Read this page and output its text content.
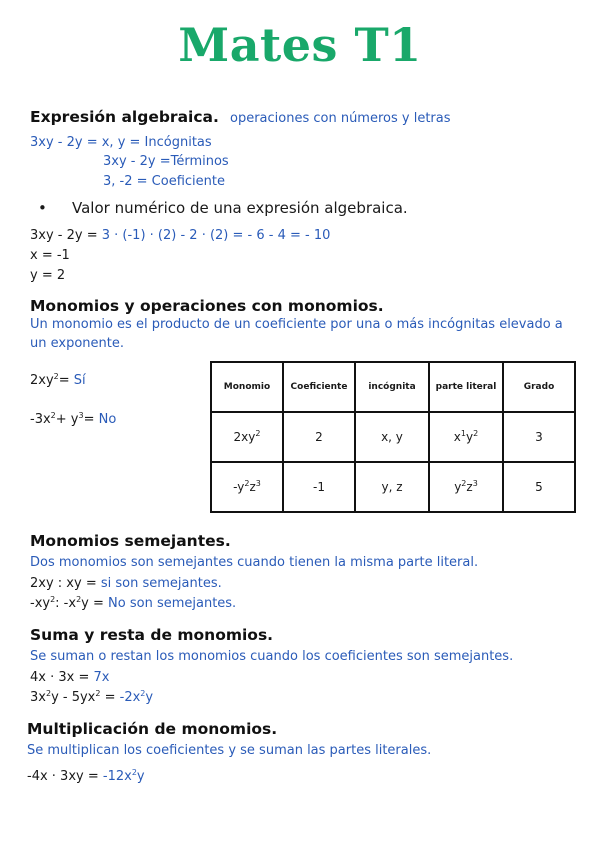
Mates T1
Expresión algebraica. operaciones con números y letras
3xy - 2y = x, y = Incógnitas
3xy - 2y =Términos
3, -2 = Coeficiente
• Valor numérico de una expresión algebraica.
3xy - 2y = 3 · (-1) · (2) - 2 · (2) = - 6 - 4 = - 10
x = -1
y = 2
Monomios y operaciones con monomios.
Un monomio es el producto de un coeficiente por una o más incógnitas elevado a un exponente.
$2xy^2=$ Sí
$-3x^2+ y^3= No$
Monomio	Coeficiente	incógnita	parte literal	Grado
$2xy^2$	2	x, y	$x^1y^2$	3
$-y^2z^3$	-1	y, z	$y^2z^3$	5
Monomios semejantes.
Dos monomios son semejantes cuando tienen la misma parte literal.
2xy : xy = si son semejantes.
$-xy^2$: $-x^2y = No$ son semejantes.
Suma y resta de monomios.
Se suman o restan los monomios cuando los coeficientes son semejantes.
4x · 3x = 7x
$3x^2y - 5yx^2 = -2x^2y$
Multiplicación de monomios.
Se multiplican los coeficientes y se suman las partes literales.
$-4x \cdot 3xy = -12x^2y$
